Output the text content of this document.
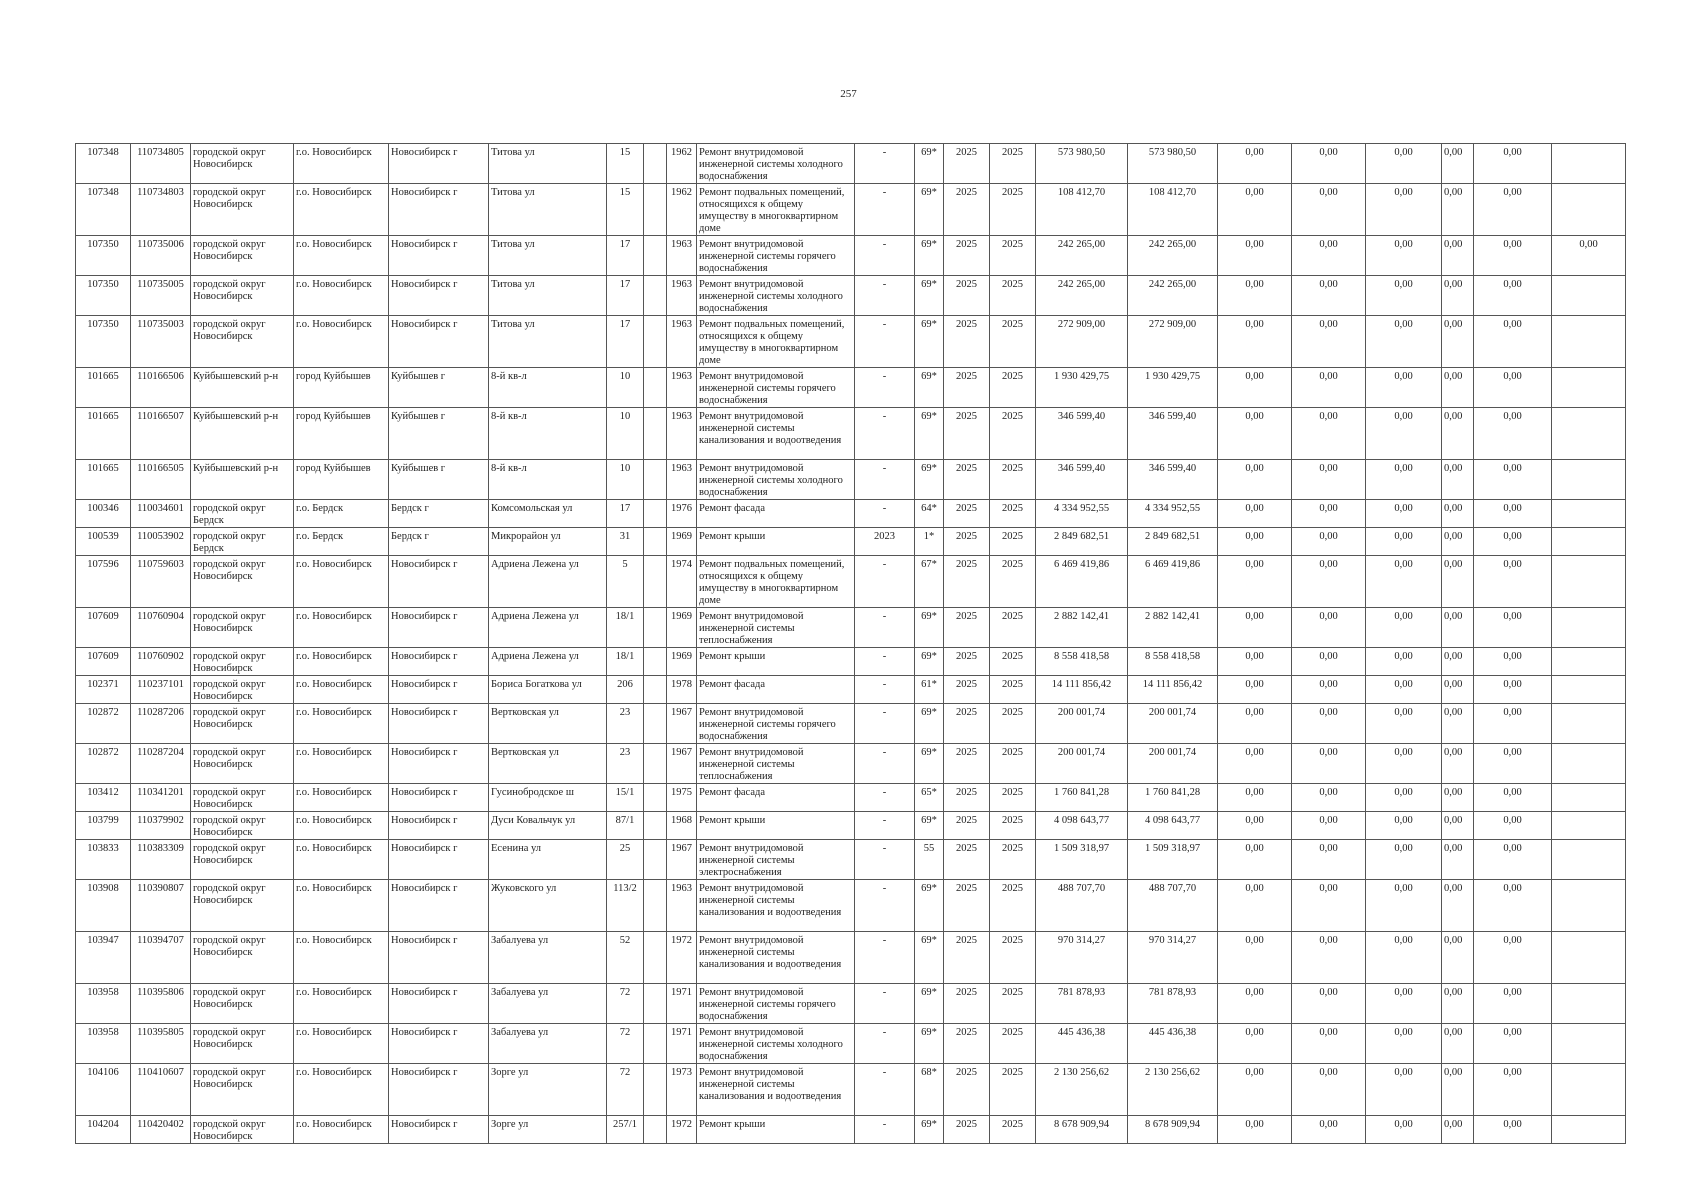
257
107348	110734805	городской округ Новосибирск	г.о. Новосибирск	Новосибирск г	Титова ул	15		1962	Ремонт внутридомовой инженерной системы холодного водоснабжения	-	69*	2025	2025	573 980,50	573 980,50	0,00	0,00	0,00	0,00	0,00	
107348	110734803	городской округ Новосибирск	г.о. Новосибирск	Новосибирск г	Титова ул	15		1962	Ремонт подвальных помещений, относящихся к общему имуществу в многоквартирном доме	-	69*	2025	2025	108 412,70	108 412,70	0,00	0,00	0,00	0,00	0,00	
107350	110735006	городской округ Новосибирск	г.о. Новосибирск	Новосибирск г	Титова ул	17		1963	Ремонт внутридомовой инженерной системы горячего водоснабжения	-	69*	2025	2025	242 265,00	242 265,00	0,00	0,00	0,00	0,00	0,00	0,00
107350	110735005	городской округ Новосибирск	г.о. Новосибирск	Новосибирск г	Титова ул	17		1963	Ремонт внутридомовой инженерной системы холодного водоснабжения	-	69*	2025	2025	242 265,00	242 265,00	0,00	0,00	0,00	0,00	0,00	
107350	110735003	городской округ Новосибирск	г.о. Новосибирск	Новосибирск г	Титова ул	17		1963	Ремонт подвальных помещений, относящихся к общему имуществу в многоквартирном доме	-	69*	2025	2025	272 909,00	272 909,00	0,00	0,00	0,00	0,00	0,00	
101665	110166506	Куйбышевский р-н	город Куйбышев	Куйбышев г	8-й кв-л	10		1963	Ремонт внутридомовой инженерной системы горячего водоснабжения	-	69*	2025	2025	1 930 429,75	1 930 429,75	0,00	0,00	0,00	0,00	0,00	
101665	110166507	Куйбышевский р-н	город Куйбышев	Куйбышев г	8-й кв-л	10		1963	Ремонт внутридомовой инженерной системы канализования и водоотведения	-	69*	2025	2025	346 599,40	346 599,40	0,00	0,00	0,00	0,00	0,00	
101665	110166505	Куйбышевский р-н	город Куйбышев	Куйбышев г	8-й кв-л	10		1963	Ремонт внутридомовой инженерной системы холодного водоснабжения	-	69*	2025	2025	346 599,40	346 599,40	0,00	0,00	0,00	0,00	0,00	
100346	110034601	городской округ Бердск	г.о. Бердск	Бердск г	Комсомольская ул	17		1976	Ремонт фасада	-	64*	2025	2025	4 334 952,55	4 334 952,55	0,00	0,00	0,00	0,00	0,00	
100539	110053902	городской округ Бердск	г.о. Бердск	Бердск г	Микрорайон ул	31		1969	Ремонт крыши	2023	1*	2025	2025	2 849 682,51	2 849 682,51	0,00	0,00	0,00	0,00	0,00	
107596	110759603	городской округ Новосибирск	г.о. Новосибирск	Новосибирск г	Адриена Лежена ул	5		1974	Ремонт подвальных помещений, относящихся к общему имуществу в многоквартирном доме	-	67*	2025	2025	6 469 419,86	6 469 419,86	0,00	0,00	0,00	0,00	0,00	
107609	110760904	городской округ Новосибирск	г.о. Новосибирск	Новосибирск г	Адриена Лежена ул	18/1		1969	Ремонт внутридомовой инженерной системы теплоснабжения	-	69*	2025	2025	2 882 142,41	2 882 142,41	0,00	0,00	0,00	0,00	0,00	
107609	110760902	городской округ Новосибирск	г.о. Новосибирск	Новосибирск г	Адриена Лежена ул	18/1		1969	Ремонт крыши	-	69*	2025	2025	8 558 418,58	8 558 418,58	0,00	0,00	0,00	0,00	0,00	
102371	110237101	городской округ Новосибирск	г.о. Новосибирск	Новосибирск г	Бориса Богаткова ул	206		1978	Ремонт фасада	-	61*	2025	2025	14 111 856,42	14 111 856,42	0,00	0,00	0,00	0,00	0,00	
102872	110287206	городской округ Новосибирск	г.о. Новосибирск	Новосибирск г	Вертковская ул	23		1967	Ремонт внутридомовой инженерной системы горячего водоснабжения	-	69*	2025	2025	200 001,74	200 001,74	0,00	0,00	0,00	0,00	0,00	
102872	110287204	городской округ Новосибирск	г.о. Новосибирск	Новосибирск г	Вертковская ул	23		1967	Ремонт внутридомовой инженерной системы теплоснабжения	-	69*	2025	2025	200 001,74	200 001,74	0,00	0,00	0,00	0,00	0,00	
103412	110341201	городской округ Новосибирск	г.о. Новосибирск	Новосибирск г	Гусинобродское ш	15/1		1975	Ремонт фасада	-	65*	2025	2025	1 760 841,28	1 760 841,28	0,00	0,00	0,00	0,00	0,00	
103799	110379902	городской округ Новосибирск	г.о. Новосибирск	Новосибирск г	Дуси Ковальчук ул	87/1		1968	Ремонт крыши	-	69*	2025	2025	4 098 643,77	4 098 643,77	0,00	0,00	0,00	0,00	0,00	
103833	110383309	городской округ Новосибирск	г.о. Новосибирск	Новосибирск г	Есенина ул	25		1967	Ремонт внутридомовой инженерной системы электроснабжения	-	55	2025	2025	1 509 318,97	1 509 318,97	0,00	0,00	0,00	0,00	0,00	
103908	110390807	городской округ Новосибирск	г.о. Новосибирск	Новосибирск г	Жуковского ул	113/2		1963	Ремонт внутридомовой инженерной системы канализования и водоотведения	-	69*	2025	2025	488 707,70	488 707,70	0,00	0,00	0,00	0,00	0,00	
103947	110394707	городской округ Новосибирск	г.о. Новосибирск	Новосибирск г	Забалуева ул	52		1972	Ремонт внутридомовой инженерной системы канализования и водоотведения	-	69*	2025	2025	970 314,27	970 314,27	0,00	0,00	0,00	0,00	0,00	
103958	110395806	городской округ Новосибирск	г.о. Новосибирск	Новосибирск г	Забалуева ул	72		1971	Ремонт внутридомовой инженерной системы горячего водоснабжения	-	69*	2025	2025	781 878,93	781 878,93	0,00	0,00	0,00	0,00	0,00	
103958	110395805	городской округ Новосибирск	г.о. Новосибирск	Новосибирск г	Забалуева ул	72		1971	Ремонт внутридомовой инженерной системы холодного водоснабжения	-	69*	2025	2025	445 436,38	445 436,38	0,00	0,00	0,00	0,00	0,00	
104106	110410607	городской округ Новосибирск	г.о. Новосибирск	Новосибирск г	Зорге ул	72		1973	Ремонт внутридомовой инженерной системы канализования и водоотведения	-	68*	2025	2025	2 130 256,62	2 130 256,62	0,00	0,00	0,00	0,00	0,00	
104204	110420402	городской округ Новосибирск	г.о. Новосибирск	Новосибирск г	Зорге ул	257/1		1972	Ремонт крыши	-	69*	2025	2025	8 678 909,94	8 678 909,94	0,00	0,00	0,00	0,00	0,00	
